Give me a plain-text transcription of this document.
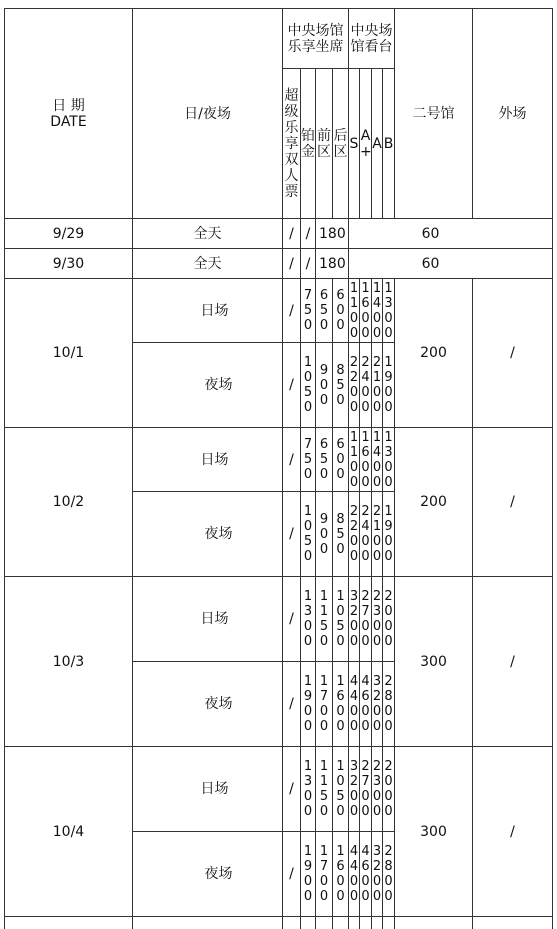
日 期
DATE	日/夜场	中央场馆乐享坐席				中央场馆看台				二号馆	外场
		超级乐享双人票	铂金	前区	后区	S	A+	A	B		
9/29	全天	/	/	180		60					
9/30	全天	/	/	180		60					
10/1	日场	/	750	650	600	1100	1600	1400	1300	200	/
	夜场	/	1050	900	850	2200	2400	2100	1900		
10/2	日场	/	750	650	600	1100	1600	1400	1300	200	/
	夜场	/	1050	900	850	2200	2400	2100	1900		
10/3	日场	/	1300	1150	1050	3200	2700	2300	2000	300	/
	夜场	/	1900	1700	1600	4400	4600	3200	2800		
10/4	日场	/	1300	1150	1050	3200	2700	2300	2000	300	/
	夜场	/	1900	1700	1600	4400	4600	3200	2800		
